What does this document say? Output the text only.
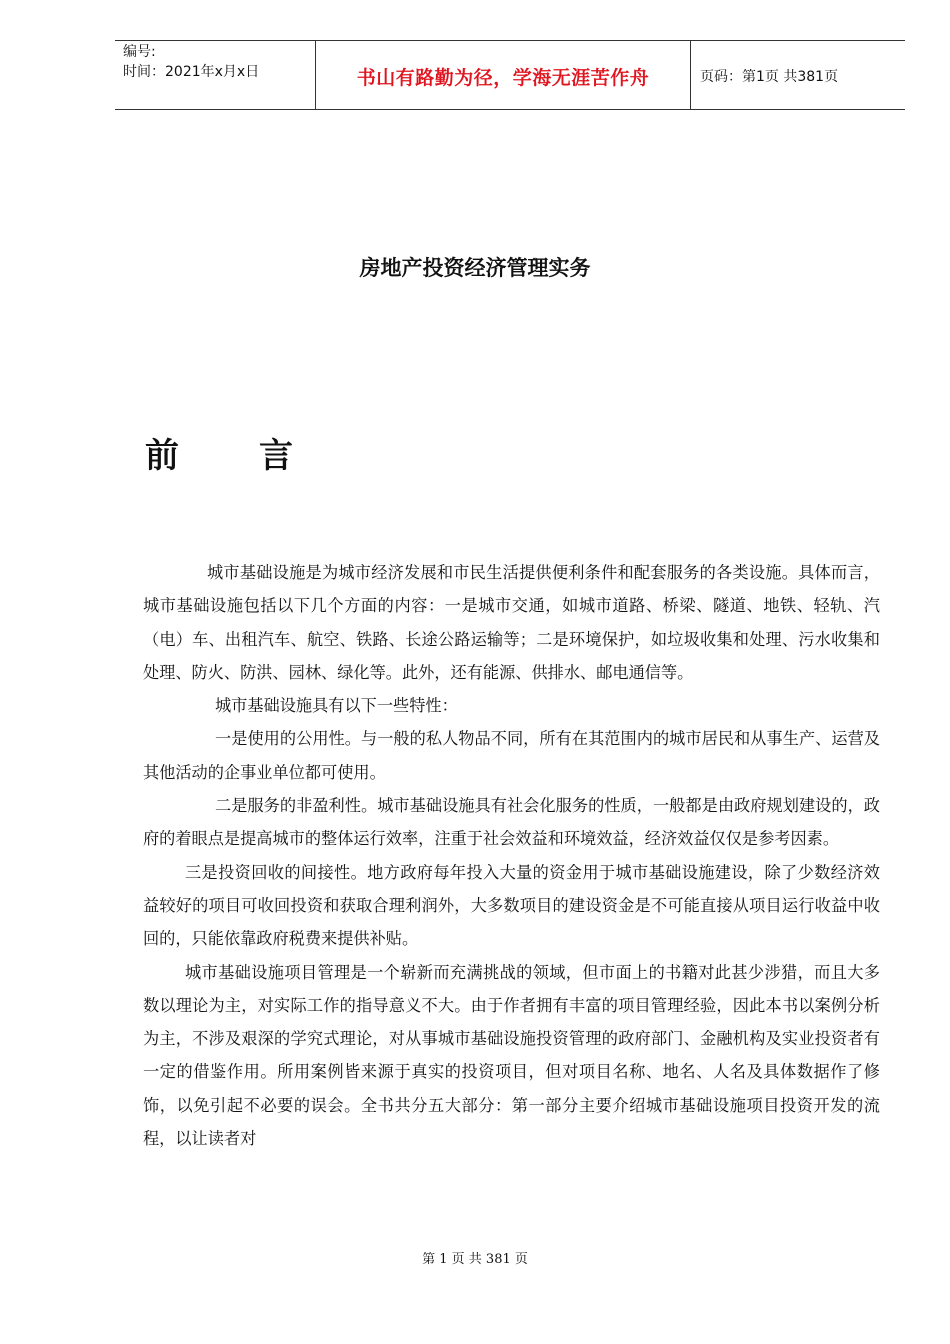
编号:
时间：2021年x月x日	书山有路勤为径，学海无涯苦作舟	页码：第1页 共381页
房地产投资经济管理实务
前 言

城市基础设施是为城市经济发展和市民生活提供便利条件和配套服务的各类设施。具体而言，城市基础设施包括以下几个方面的内容：一是城市交通，如城市道路、桥梁、隧道、地铁、轻轨、汽（电）车、出租汽车、航空、铁路、长途公路运输等；二是环境保护，如垃圾收集和处理、污水收集和处理、防火、防洪、园林、绿化等。此外，还有能源、供排水、邮电通信等。

城市基础设施具有以下一些特性：

一是使用的公用性。与一般的私人物品不同，所有在其范围内的城市居民和从事生产、运营及其他活动的企事业单位都可使用。

二是服务的非盈利性。城市基础设施具有社会化服务的性质，一般都是由政府规划建设的，政府的着眼点是提高城市的整体运行效率，注重于社会效益和环境效益，经济效益仅仅是参考因素。

三是投资回收的间接性。地方政府每年投入大量的资金用于城市基础设施建设，除了少数经济效益较好的项目可收回投资和获取合理利润外，大多数项目的建设资金是不可能直接从项目运行收益中收回的，只能依靠政府税费来提供补贴。

城市基础设施项目管理是一个崭新而充满挑战的领域，但市面上的书籍对此甚少涉猎，而且大多数以理论为主，对实际工作的指导意义不大。由于作者拥有丰富的项目管理经验，因此本书以案例分析为主，不涉及艰深的学究式理论，对从事城市基础设施投资管理的政府部门、金融机构及实业投资者有一定的借鉴作用。所用案例皆来源于真实的投资项目，但对项目名称、地名、人名及具体数据作了修饰，以免引起不必要的误会。全书共分五大部分：第一部分主要介绍城市基础设施项目投资开发的流程，以让读者对

第 1 页 共 381 页
